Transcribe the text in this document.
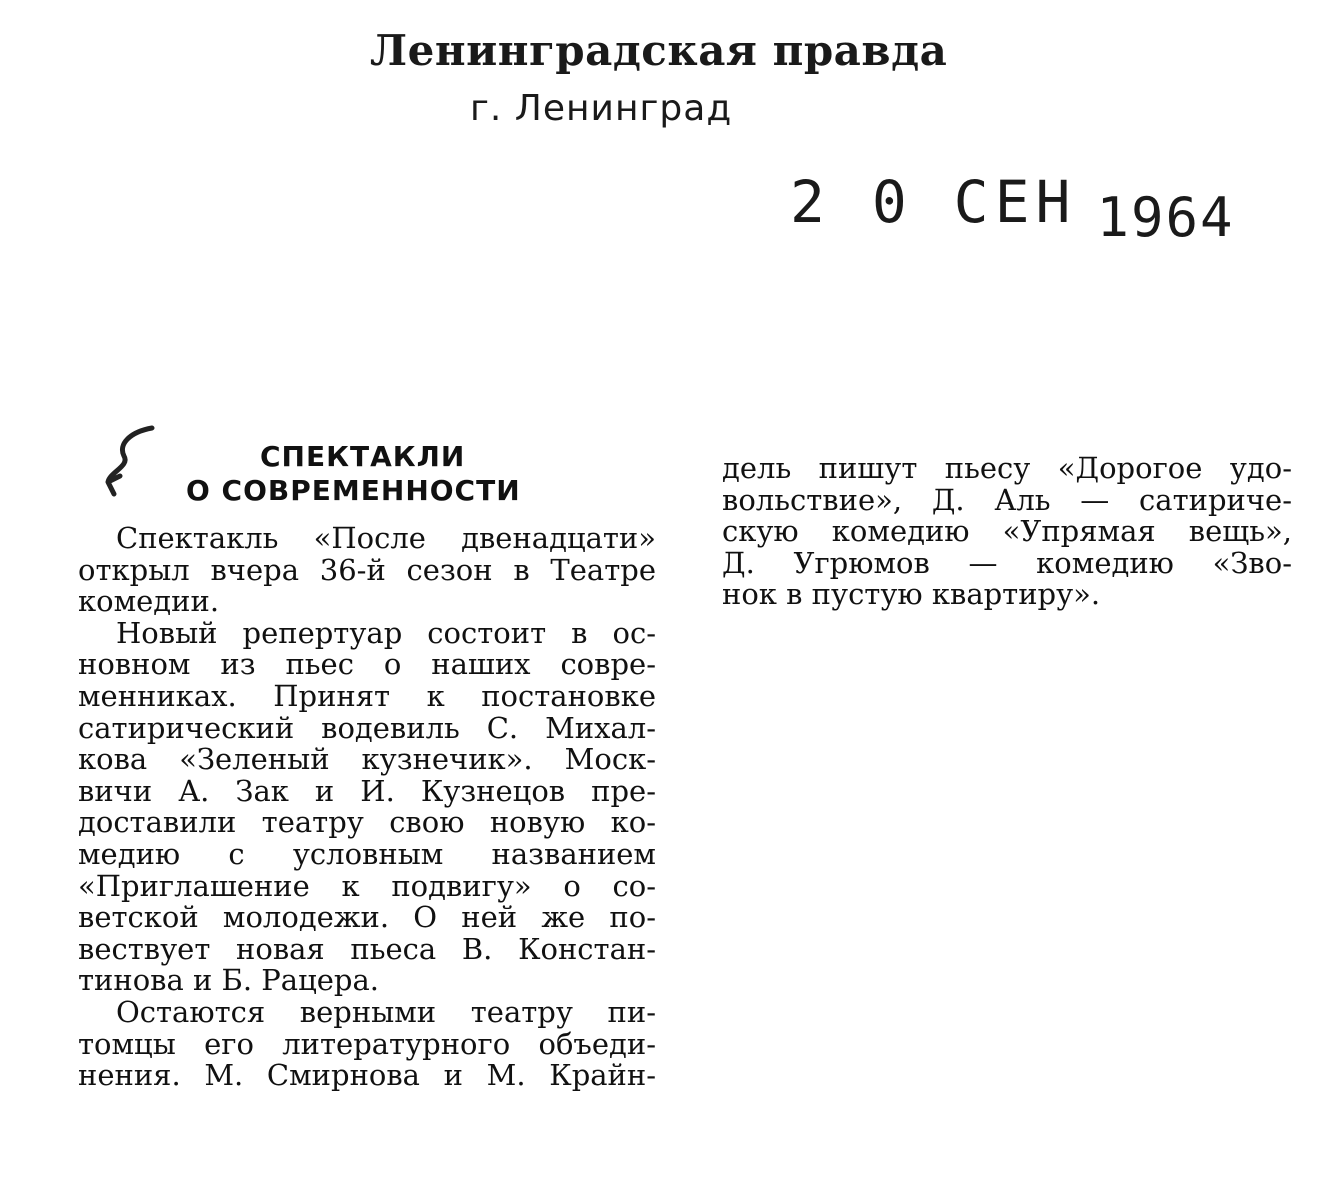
Ленинградская правда
г. Ленинград
2 0 СЕН 1964
СПЕКТАКЛИ
О СОВРЕМЕННОСТИ
Спектакль «После двенадцати»
открыл вчера 36-й сезон в Театре
комедии.
Новый репертуар состоит в ос-
новном из пьес о наших совре-
менниках. Принят к постановке
сатирический водевиль С. Михал-
кова «Зеленый кузнечик». Моск-
вичи А. Зак и И. Кузнецов пре-
доставили театру свою новую ко-
медию с условным названием
«Приглашение к подвигу» о со-
ветской молодежи. О ней же по-
вествует новая пьеса В. Констан-
тинова и Б. Рацера.
Остаются верными театру пи-
томцы его литературного объеди-
нения. М. Смирнова и М. Крайн-
дель пишут пьесу «Дорогое удо-
вольствие», Д. Аль — сатириче-
скую комедию «Упрямая вещь»,
Д. Угрюмов — комедию «Зво-
нок в пустую квартиру».
